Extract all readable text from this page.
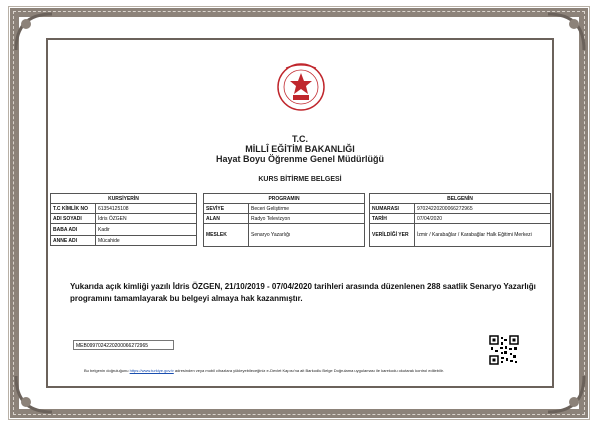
T.C.
MİLLÎ EĞİTİM BAKANLIĞI
Hayat Boyu Öğrenme Genel Müdürlüğü
KURS BİTİRME BELGESİ
KURSİYERİN	
T.C KİMLİK NO	61354125108
ADI SOYADI	İdris ÖZGEN
BABA ADI	Kadir
ANNE ADI	Mücahide
PROGRAMIN	
SEVİYE	Beceri Geliştirme
ALAN	Radyo Televizyon
MESLEK	Senaryo Yazarlığı
BELGENİN	
NUMARASI	97024220200066272965
TARİH	07/04/2020
VERİLDİĞİ YER	İzmir / Karabağlar / Karabağlar Halk Eğitimi Merkezi
Yukarıda açık kimliği yazılı İdris ÖZGEN, 21/10/2019 - 07/04/2020 tarihleri arasında düzenlenen 288 saatlik Senaryo Yazarlığı programını tamamlayarak bu belgeyi almaya hak kazanmıştır.
MEB0997024220200066272965
Bu belgenin doğruluğunu https://www.turkiye.gov.tr adresinden veya mobil cihazlara yükleyebileceğiniz e-Devlet Kapısı'na ait Barkodlu Belge Doğrulama uygulaması ile karekodu okutarak kontrol edilebilir.
